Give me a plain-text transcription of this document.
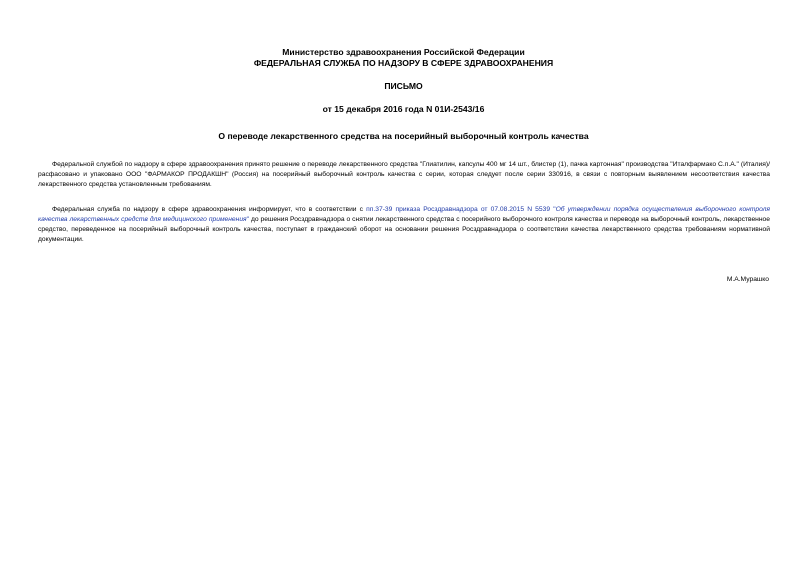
Министерство здравоохранения Российской Федерации
ФЕДЕРАЛЬНАЯ СЛУЖБА ПО НАДЗОРУ В СФЕРЕ ЗДРАВООХРАНЕНИЯ
ПИСЬМО
от 15 декабря 2016 года N 01И-2543/16
О переводе лекарственного средства на посерийный выборочный контроль качества

Федеральной службой по надзору в сфере здравоохранения принято решение о переводе лекарственного средства "Глиатилин, капсулы 400 мг 14 шт., блистер (1), пачка картонная" производства "Италфармако С.п.А." (Италия)/расфасовано и упаковано ООО "ФАРМАКОР ПРОДАКШН" (Россия) на посерийный выборочный контроль качества с серии, которая следует после серии 330916, в связи с повторным выявлением несоответствия качества лекарственного средства установленным требованиям.

Федеральная служба по надзору в сфере здравоохранения информирует, что в соответствии с пп.37-39 приказа Росздравнадзора от 07.08.2015 N 5539 "Об утверждении порядка осуществления выборочного контроля качества лекарственных средств для медицинского применения" до решения Росздравнадзора о снятии лекарственного средства с посерийного выборочного контроля качества и переводе на выборочный контроль, лекарственное средство, переведенное на посерийный выборочный контроль качества, поступает в гражданский оборот на основании решения Росздравнадзора о соответствии качества лекарственного средства требованиям нормативной документации.

М.А.Мурашко
